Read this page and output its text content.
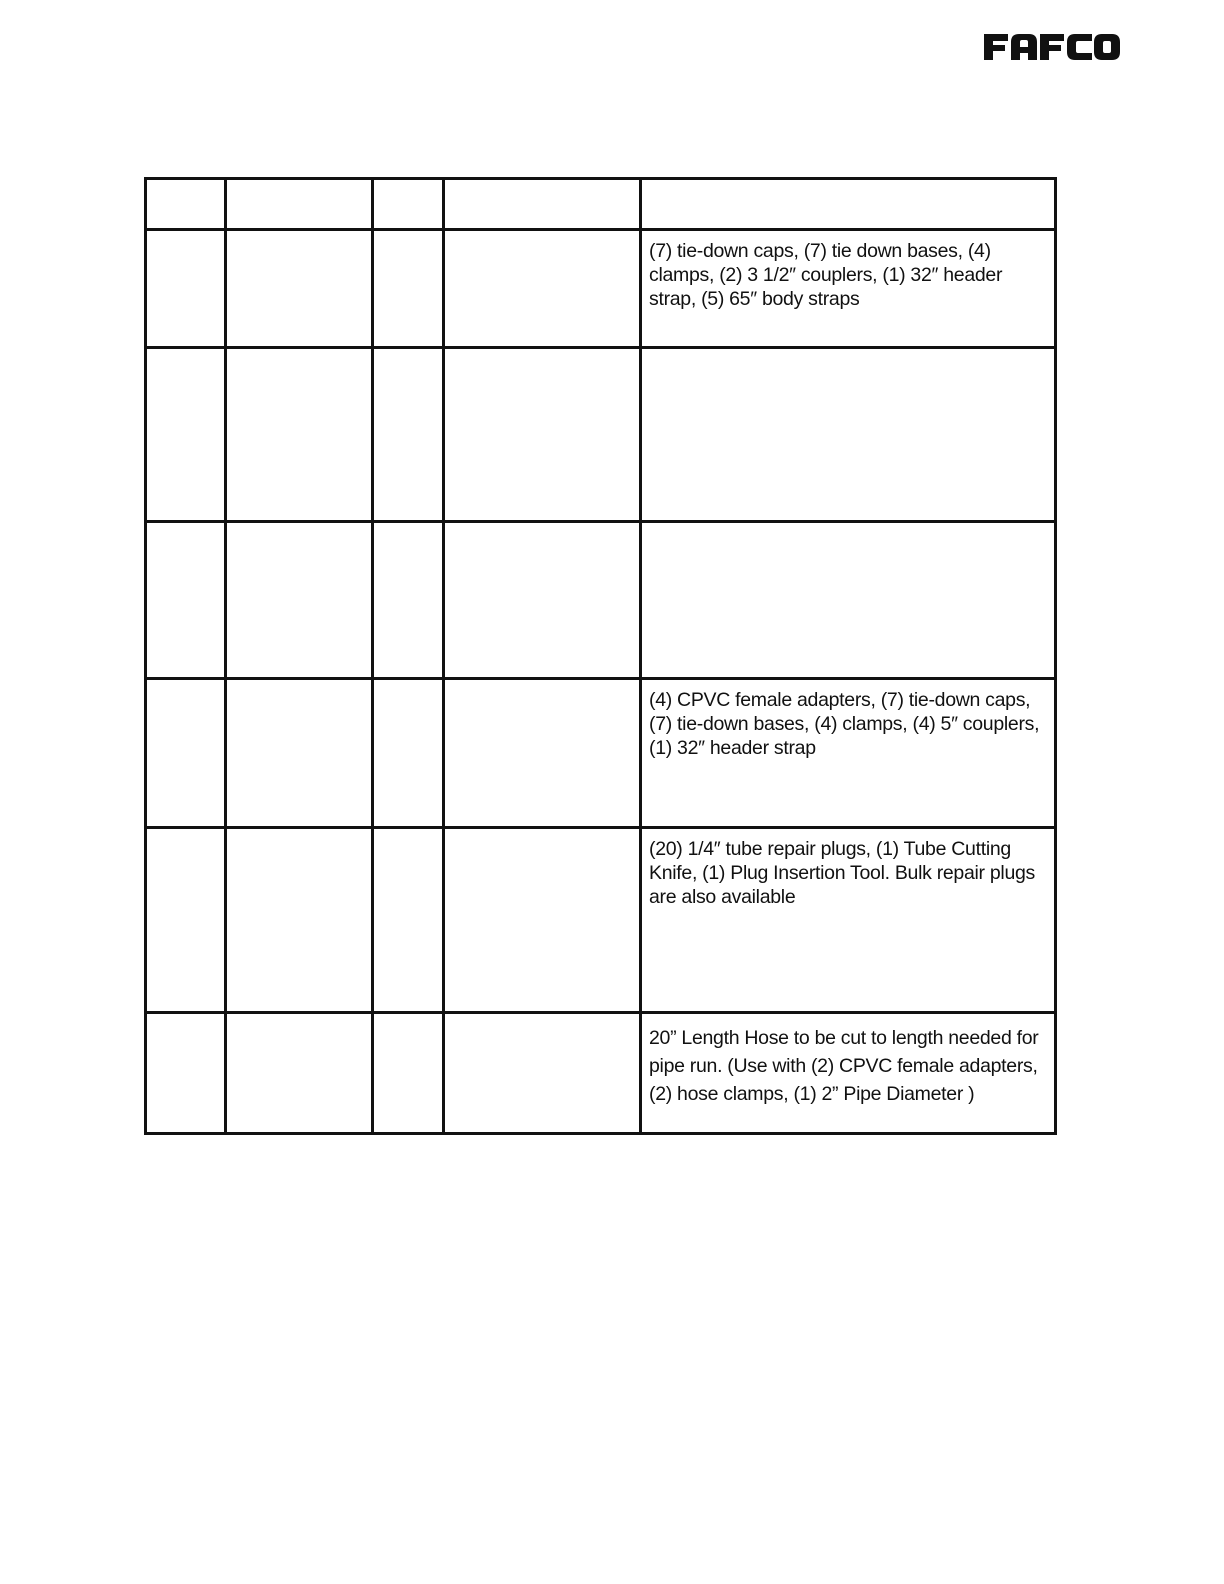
				(7) tie-down caps, (7) tie down bases, (4) clamps, (2) 3 1/2″ couplers, (1) 32″ header strap, (5) 65″ body straps

				(4) CPVC female adapters, (7) tie-down caps, (7) tie-down bases, (4) clamps, (4) 5″ couplers, (1) 32″ header strap

				(20) 1/4″ tube repair plugs, (1) Tube Cutting Knife, (1) Plug Insertion Tool. Bulk repair plugs are also available

				20” Length Hose to be cut to length needed for pipe run. (Use with (2) CPVC female adapters, (2) hose clamps, (1) 2” Pipe Diameter )
